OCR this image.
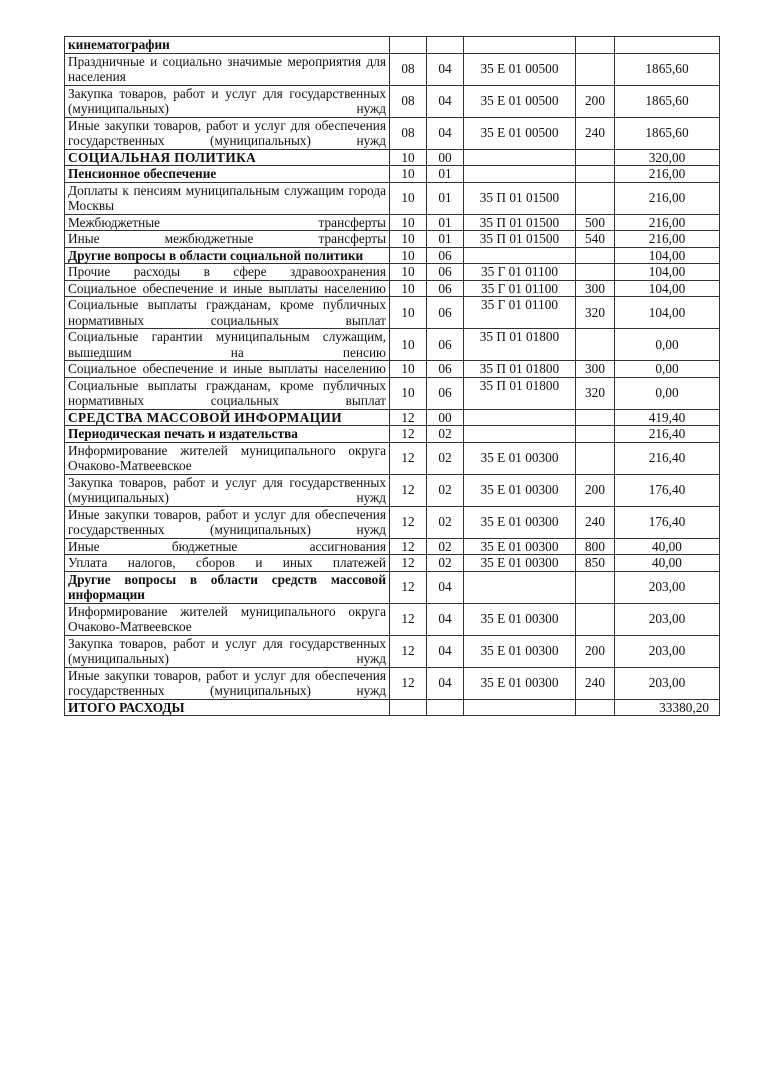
кинематографии					
Праздничные и социально значимые мероприятия для населения	08	04	35 Е 01 00500		1865,60
Закупка товаров, работ и услуг для государственных (муниципальных) нужд	08	04	35 Е 01 00500	200	1865,60
Иные закупки товаров, работ и услуг для обеспечения государственных (муниципальных) нужд	08	04	35 Е 01 00500	240	1865,60
СОЦИАЛЬНАЯ ПОЛИТИКА	10	00			320,00
Пенсионное обеспечение	10	01			216,00
Доплаты к пенсиям муниципальным служащим города Москвы	10	01	35 П 01 01500		216,00
Межбюджетные трансферты	10	01	35 П 01 01500	500	216,00
Иные межбюджетные трансферты	10	01	35 П 01 01500	540	216,00
Другие вопросы в области социальной политики	10	06			104,00
Прочие расходы в сфере здравоохранения	10	06	35 Г 01 01100		104,00
Социальное обеспечение и иные выплаты населению	10	06	35 Г 01 01100	300	104,00
Социальные выплаты гражданам, кроме публичных нормативных социальных выплат	10	06	35 Г 01 01100	320	104,00
Социальные гарантии муниципальным служащим, вышедшим на пенсию	10	06	35 П 01 01800		0,00
Социальное обеспечение и иные выплаты населению	10	06	35 П 01 01800	300	0,00
Социальные выплаты гражданам, кроме публичных нормативных социальных выплат	10	06	35 П 01 01800	320	0,00
СРЕДСТВА МАССОВОЙ ИНФОРМАЦИИ	12	00			419,40
Периодическая печать и издательства	12	02			216,40
Информирование жителей муниципального округа Очаково-Матвеевское	12	02	35 Е 01 00300		216,40
Закупка товаров, работ и услуг для государственных (муниципальных) нужд	12	02	35 Е 01 00300	200	176,40
Иные закупки товаров, работ и услуг для обеспечения государственных (муниципальных) нужд	12	02	35 Е 01 00300	240	176,40
Иные бюджетные ассигнования	12	02	35 Е 01 00300	800	40,00
Уплата налогов, сборов и иных платежей	12	02	35 Е 01 00300	850	40,00
Другие вопросы в области средств массовой информации	12	04			203,00
Информирование жителей муниципального округа Очаково-Матвеевское	12	04	35 Е 01 00300		203,00
Закупка товаров, работ и услуг для государственных (муниципальных) нужд	12	04	35 Е 01 00300	200	203,00
Иные закупки товаров, работ и услуг для обеспечения государственных (муниципальных) нужд	12	04	35 Е 01 00300	240	203,00
ИТОГО РАСХОДЫ					33380,20
